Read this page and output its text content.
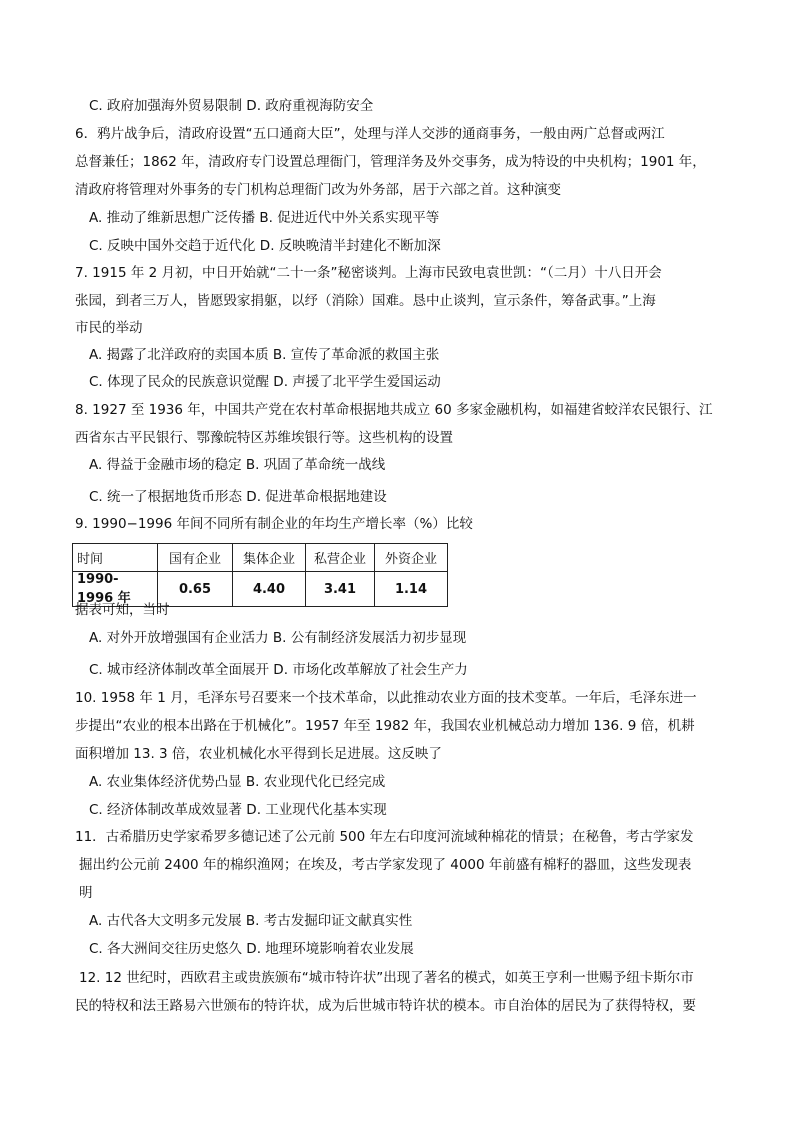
C. 政府加强海外贸易限制 D. 政府重视海防安全
6．鸦片战争后，清政府设置“五口通商大臣”，处理与洋人交涉的通商事务，一般由两广总督或两江
总督兼任；1862 年，清政府专门设置总理衙门，管理洋务及外交事务，成为特设的中央机构；1901 年，
清政府将管理对外事务的专门机构总理衙门改为外务部，居于六部之首。这种演变
A. 推动了维新思想广泛传播 B. 促进近代中外关系实现平等
C. 反映中国外交趋于近代化 D. 反映晚清半封建化不断加深
7. 1915 年 2 月初，中日开始就“二十一条”秘密谈判。上海市民致电袁世凯：“（二月）十八日开会
张园，到者三万人，皆愿毁家捐躯，以纾（消除）国难。恳中止谈判，宣示条件，筹备武事。”上海
市民的举动
A. 揭露了北洋政府的卖国本质 B. 宣传了革命派的救国主张
C. 体现了民众的民族意识觉醒 D. 声援了北平学生爱国运动
8. 1927 至 1936 年，中国共产党在农村革命根据地共成立 60 多家金融机构，如福建省蛟洋农民银行、江
西省东古平民银行、鄂豫皖特区苏维埃银行等。这些机构的设置
A. 得益于金融市场的稳定 B. 巩固了革命统一战线
C. 统一了根据地货币形态 D. 促进革命根据地建设
9. 1990−1996 年间不同所有制企业的年均生产增长率（%）比较
时间	国有企业	集体企业	私营企业	外资企业
1990-1996 年	0.65	4.40	3.41	1.14
据表可知，当时
A. 对外开放增强国有企业活力 B. 公有制经济发展活力初步显现
C. 城市经济体制改革全面展开 D. 市场化改革解放了社会生产力
10. 1958 年 1 月，毛泽东号召要来一个技术革命，以此推动农业方面的技术变革。一年后，毛泽东进一
步提出“农业的根本出路在于机械化”。1957 年至 1982 年，我国农业机械总动力增加 136. 9 倍，机耕
面积增加 13. 3 倍，农业机械化水平得到长足进展。这反映了
A. 农业集体经济优势凸显 B. 农业现代化已经完成
C. 经济体制改革成效显著 D. 工业现代化基本实现
11．古希腊历史学家希罗多德记述了公元前 500 年左右印度河流域种棉花的情景；在秘鲁，考古学家发
掘出约公元前 2400 年的棉织渔网；在埃及，考古学家发现了 4000 年前盛有棉籽的器皿，这些发现表
明
A. 古代各大文明多元发展 B. 考古发掘印证文献真实性
C. 各大洲间交往历史悠久 D. 地理环境影响着农业发展
12. 12 世纪时，西欧君主或贵族颁布“城市特许状”出现了著名的模式，如英王亨利一世赐予纽卡斯尔市
民的特权和法王路易六世颁布的特许状，成为后世城市特许状的模本。市自治体的居民为了获得特权，要
